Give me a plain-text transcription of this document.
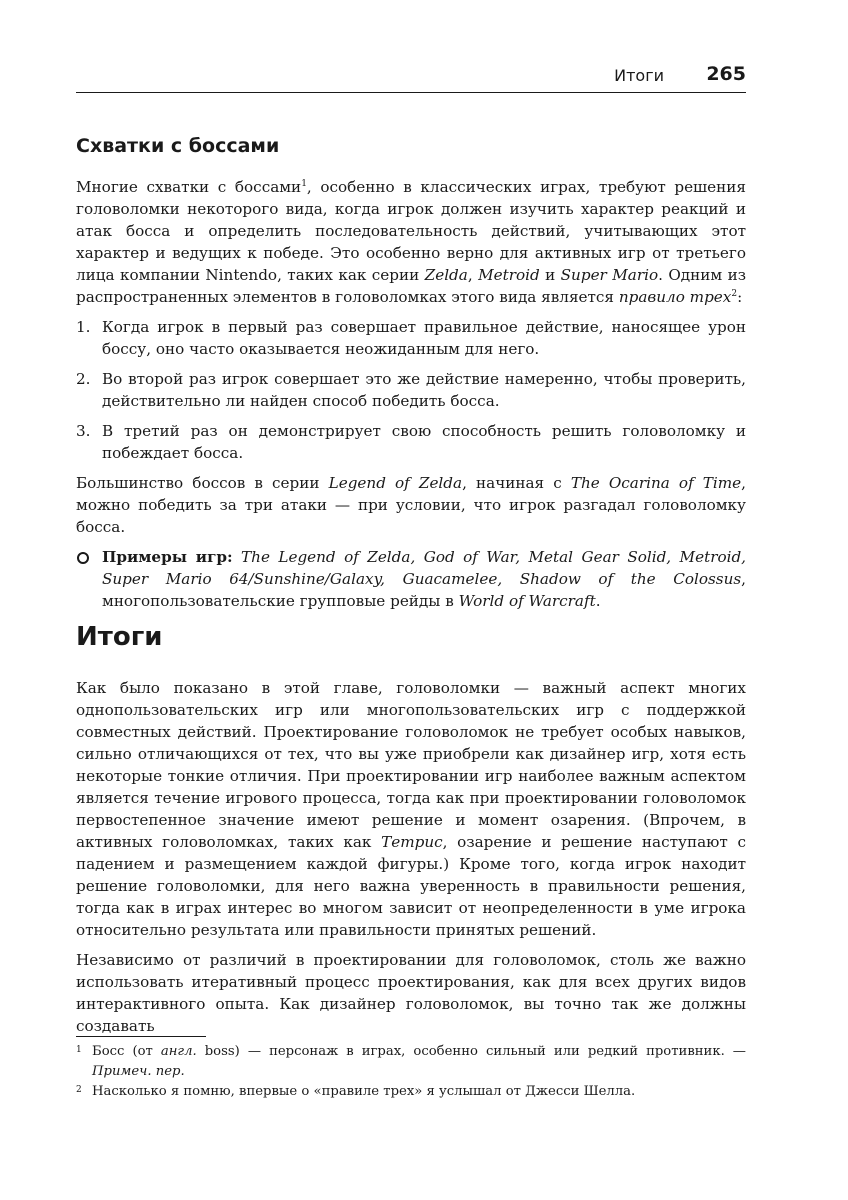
Итоги 265
Схватки с боссами

Многие схватки с боссами$^1$, особенно в классических играх, требуют решения головоломки некоторого вида, когда игрок должен изучить характер реакций и атак босса и определить последовательность действий, учитывающих этот характер и ведущих к победе. Это особенно верно для активных игр от третьего лица компании Nintendo, таких как серии Zelda, Metroid и Super Mario. Одним из распространенных элементов в головоломках этого вида является правило трех$^2$:

1. Когда игрок в первый раз совершает правильное действие, наносящее урон боссу, оно часто оказывается неожиданным для него.

2. Во второй раз игрок совершает это же действие намеренно, чтобы проверить, действительно ли найден способ победить босса.

3. В третий раз он демонстрирует свою способность решить головоломку и побеждает босса.

Большинство боссов в серии Legend of Zelda, начиная с The Ocarina of Time, можно победить за три атаки — при условии, что игрок разгадал головоломку босса.

Примеры игр: The Legend of Zelda, God of War, Metal Gear Solid, Metroid, Super Mario 64/Sunshine/Galaxy, Guacamelee, Shadow of the Colossus, многопользовательские групповые рейды в World of Warcraft.

Итоги

Как было показано в этой главе, головоломки — важный аспект многих однопользовательских игр или многопользовательских игр с поддержкой совместных действий. Проектирование головоломок не требует особых навыков, сильно отличающихся от тех, что вы уже приобрели как дизайнер игр, хотя есть некоторые тонкие отличия. При проектировании игр наиболее важным аспектом является течение игрового процесса, тогда как при проектировании головоломок первостепенное значение имеют решение и момент озарения. (Впрочем, в активных головоломках, таких как Тетрис, озарение и решение наступают с падением и размещением каждой фигуры.) Кроме того, когда игрок находит решение головоломки, для него важна уверенность в правильности решения, тогда как в играх интерес во многом зависит от неопределенности в уме игрока относительно результата или правильности принятых решений.

Независимо от различий в проектировании для головоломок, столь же важно использовать итеративный процесс проектирования, как для всех других видов интерактивного опыта. Как дизайнер головоломок, вы точно так же должны создавать

1 Босс (от англ. boss) — персонаж в играх, особенно сильный или редкий противник. — Примеч. пер.
2 Насколько я помню, впервые о «правиле трех» я услышал от Джесси Шелла.
